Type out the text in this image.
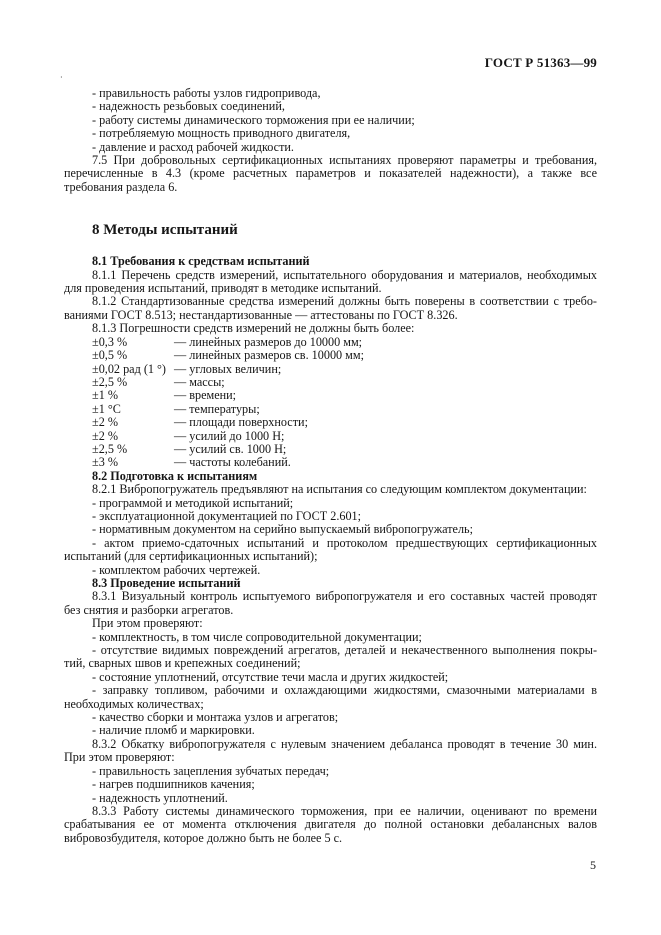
ГОСТ Р 51363—99
·

- правильность работы узлов гидропривода,

- надежность резьбовых соединений,

- работу системы динамического торможения при ее наличии;

- потребляемую мощность приводного двигателя,

- давление и расход рабочей жидкости.

7.5 При добровольных сертификационных испытаниях проверяют параметры и требования,

перечисленные в 4.3 (кроме расчетных параметров и показателей надежности), а также все

требования раздела 6.

8 Методы испытаний

8.1 Требования к средствам испытаний

8.1.1 Перечень средств измерений, испытательного оборудования и материалов, необходимых

для проведения испытаний, приводят в методике испытаний.

8.1.2 Стандартизованные средства измерений должны быть поверены в соответствии с требо-

ваниями ГОСТ 8.513; нестандартизованные — аттестованы по ГОСТ 8.326.

8.1.3 Погрешности средств измерений не должны быть более:

±0,3 %	— линейных размеров до 10000 мм;
±0,5 %	— линейных размеров св. 10000 мм;
±0,02 рад (1 °) — угловых величин;
±2,5 %	— массы;
±1 %	— времени;
±1 °С	— температуры;
±2 %	— площади поверхности;
±2 %	— усилий до 1000 Н;
±2,5 %	— усилий св. 1000 Н;
±3 %	— частоты колебаний.

8.2 Подготовка к испытаниям

8.2.1 Вибропогружатель предъявляют на испытания со следующим комплектом документации:

- программой и методикой испытаний;

- эксплуатационной документацией по ГОСТ 2.601;

- нормативным документом на серийно выпускаемый вибропогружатель;

- актом приемо-сдаточных испытаний и протоколом предшествующих сертификационных

испытаний (для сертификационных испытаний);

- комплектом рабочих чертежей.

8.3 Проведение испытаний

8.3.1 Визуальный контроль испытуемого вибропогружателя и его составных частей проводят

без снятия и разборки агрегатов.

При этом проверяют:

- комплектность, в том числе сопроводительной документации;

- отсутствие видимых повреждений агрегатов, деталей и некачественного выполнения покры-

тий, сварных швов и крепежных соединений;

- состояние уплотнений, отсутствие течи масла и других жидкостей;

- заправку топливом, рабочими и охлаждающими жидкостями, смазочными материалами в

необходимых количествах;

- качество сборки и монтажа узлов и агрегатов;

- наличие пломб и маркировки.

8.3.2 Обкатку вибропогружателя с нулевым значением дебаланса проводят в течение 30 мин.

При этом проверяют:

- правильность зацепления зубчатых передач;

- нагрев подшипников качения;

- надежность уплотнений.

8.3.3 Работу системы динамического торможения, при ее наличии, оценивают по времени

срабатывания ее от момента отключения двигателя до полной остановки дебалансных валов

вибровозбудителя, которое должно быть не более 5 с.

5
